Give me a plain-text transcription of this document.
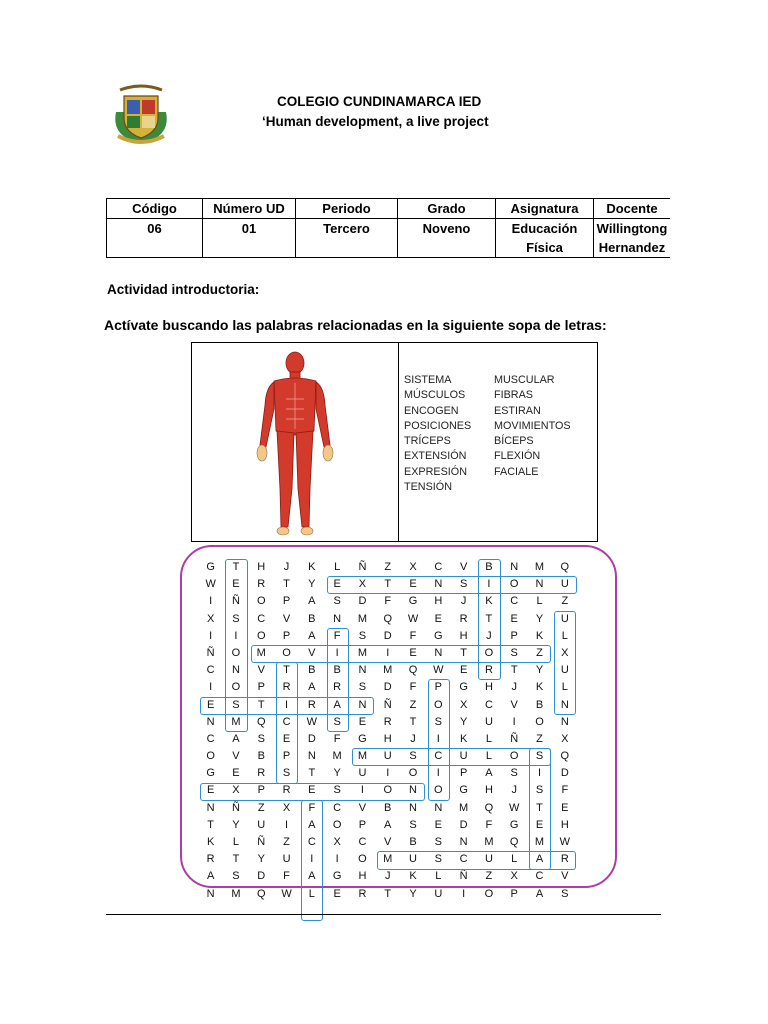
COLEGIO CUNDINAMARCA IED
‘Human development, a live project
Código	Número UD	Periodo	Grado	Asignatura	Docente
06	01	Tercero	Noveno	Educación Física	Willingtong Hernandez
Actividad introductoria:
Actívate buscando las palabras relacionadas en la siguiente sopa de letras:
SISTEMA	MUSCULAR
MÚSCULOS	FIBRAS
ENCOGEN	ESTIRAN
POSICIONES	MOVIMIENTOS
TRÍCEPS	BÍCEPS
EXTENSIÓN	FLEXIÓN
EXPRESIÓN	FACIALE
TENSIÓN
G	T	H	J	K	L	Ñ	Z	X	C	V	B	N	M	Q
W	E	R	T	Y	E	X	T	E	N	S	I	O	N	U
I	Ñ	O	P	A	S	D	F	G	H	J	K	C	L	Z
X	S	C	V	B	N	M	Q	W	E	R	T	E	Y	U
I	I	O	P	A	F	S	D	F	G	H	J	P	K	L
Ñ	O	M	O	V	I	M	I	E	N	T	O	S	Z	X
C	N	V	T	B	B	N	M	Q	W	E	R	T	Y	U
I	O	P	R	A	R	S	D	F	P	G	H	J	K	L
E	S	T	I	R	A	N	Ñ	Z	O	X	C	V	B	N
N	M	Q	C	W	S	E	R	T	S	Y	U	I	O	N
C	A	S	E	D	F	G	H	J	I	K	L	Ñ	Z	X
O	V	B	P	N	M	M	U	S	C	U	L	O	S	Q
G	E	R	S	T	Y	U	I	O	I	P	A	S	I	D
E	X	P	R	E	S	I	O	N	O	G	H	J	S	F
N	Ñ	Z	X	F	C	V	B	N	N	M	Q	W	T	E
T	Y	U	I	A	O	P	A	S	E	D	F	G	E	H
K	L	Ñ	Z	C	X	C	V	B	S	N	M	Q	M	W
R	T	Y	U	I	I	O	M	U	S	C	U	L	A	R
A	S	D	F	A	G	H	J	K	L	Ñ	Z	X	C	V
N	M	Q	W	L	E	R	T	Y	U	I	O	P	A	S
